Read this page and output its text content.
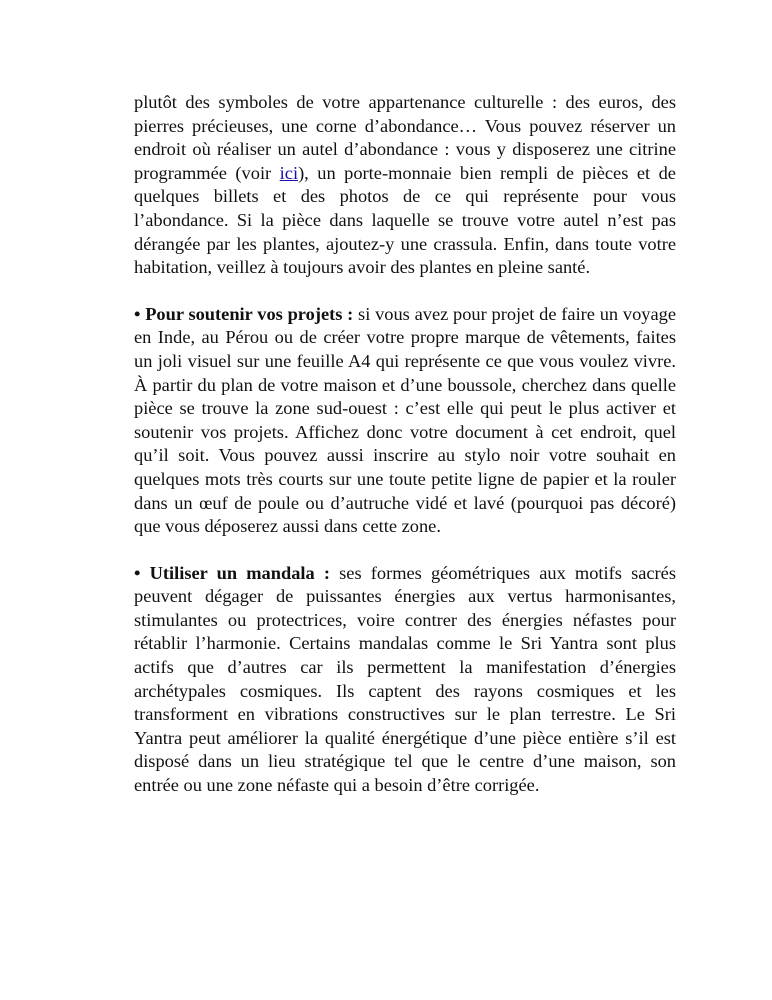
plutôt des symboles de votre appartenance culturelle : des euros, des pierres précieuses, une corne d’abondance… Vous pouvez réserver un endroit où réaliser un autel d’abondance : vous y disposerez une citrine programmée (voir ici), un porte-monnaie bien rempli de pièces et de quelques billets et des photos de ce qui représente pour vous l’abondance. Si la pièce dans laquelle se trouve votre autel n’est pas dérangée par les plantes, ajoutez-y une crassula. Enfin, dans toute votre habitation, veillez à toujours avoir des plantes en pleine santé.

• Pour soutenir vos projets : si vous avez pour projet de faire un voyage en Inde, au Pérou ou de créer votre propre marque de vêtements, faites un joli visuel sur une feuille A4 qui représente ce que vous voulez vivre. À partir du plan de votre maison et d’une boussole, cherchez dans quelle pièce se trouve la zone sud-ouest : c’est elle qui peut le plus activer et soutenir vos projets. Affichez donc votre document à cet endroit, quel qu’il soit. Vous pouvez aussi inscrire au stylo noir votre souhait en quelques mots très courts sur une toute petite ligne de papier et la rouler dans un œuf de poule ou d’autruche vidé et lavé (pourquoi pas décoré) que vous déposerez aussi dans cette zone.

• Utiliser un mandala : ses formes géométriques aux motifs sacrés peuvent dégager de puissantes énergies aux vertus harmonisantes, stimulantes ou protectrices, voire contrer des énergies néfastes pour rétablir l’harmonie. Certains mandalas comme le Sri Yantra sont plus actifs que d’autres car ils permettent la manifestation d’énergies archétypales cosmiques. Ils captent des rayons cosmiques et les transforment en vibrations constructives sur le plan terrestre. Le Sri Yantra peut améliorer la qualité énergétique d’une pièce entière s’il est disposé dans un lieu stratégique tel que le centre d’une maison, son entrée ou une zone néfaste qui a besoin d’être corrigée.
